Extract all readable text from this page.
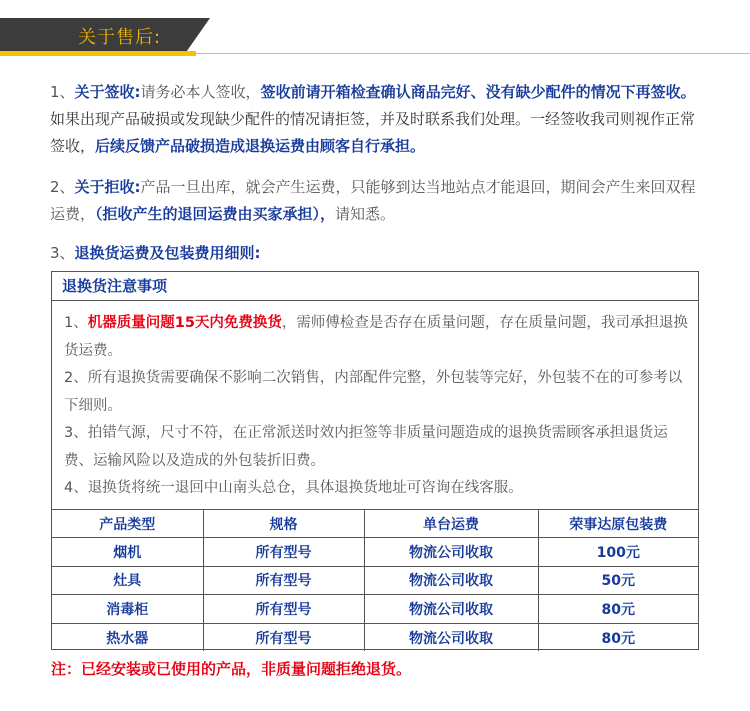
关于售后:
1、关于签收:请务必本人签收，签收前请开箱检查确认商品完好、没有缺少配件的情况下再签收。如果出现产品破损或发现缺少配件的情况请拒签，并及时联系我们处理。一经签收我司则视作正常签收，后续反馈产品破损造成退换运费由顾客自行承担。
2、关于拒收:产品一旦出库，就会产生运费，只能够到达当地站点才能退回，期间会产生来回双程运费，（拒收产生的退回运费由买家承担），请知悉。
3、退换货运费及包装费用细则:
退换货注意事项
1、机器质量问题15天内免费换货，需师傅检查是否存在质量问题，存在质量问题，我司承担退换货运费。
2、所有退换货需要确保不影响二次销售，内部配件完整，外包装等完好，外包装不在的可参考以下细则。
3、拍错气源，尺寸不符，在正常派送时效内拒签等非质量问题造成的退换货需顾客承担退货运费、运输风险以及造成的外包装折旧费。
4、退换货将统一退回中山南头总仓，具体退换货地址可咨询在线客服。
产品类型	规格	单台运费	荣事达原包装费
烟机	所有型号	物流公司收取	100元
灶具	所有型号	物流公司收取	50元
消毒柜	所有型号	物流公司收取	80元
热水器	所有型号	物流公司收取	80元
注：已经安装或已使用的产品，非质量问题拒绝退货。
